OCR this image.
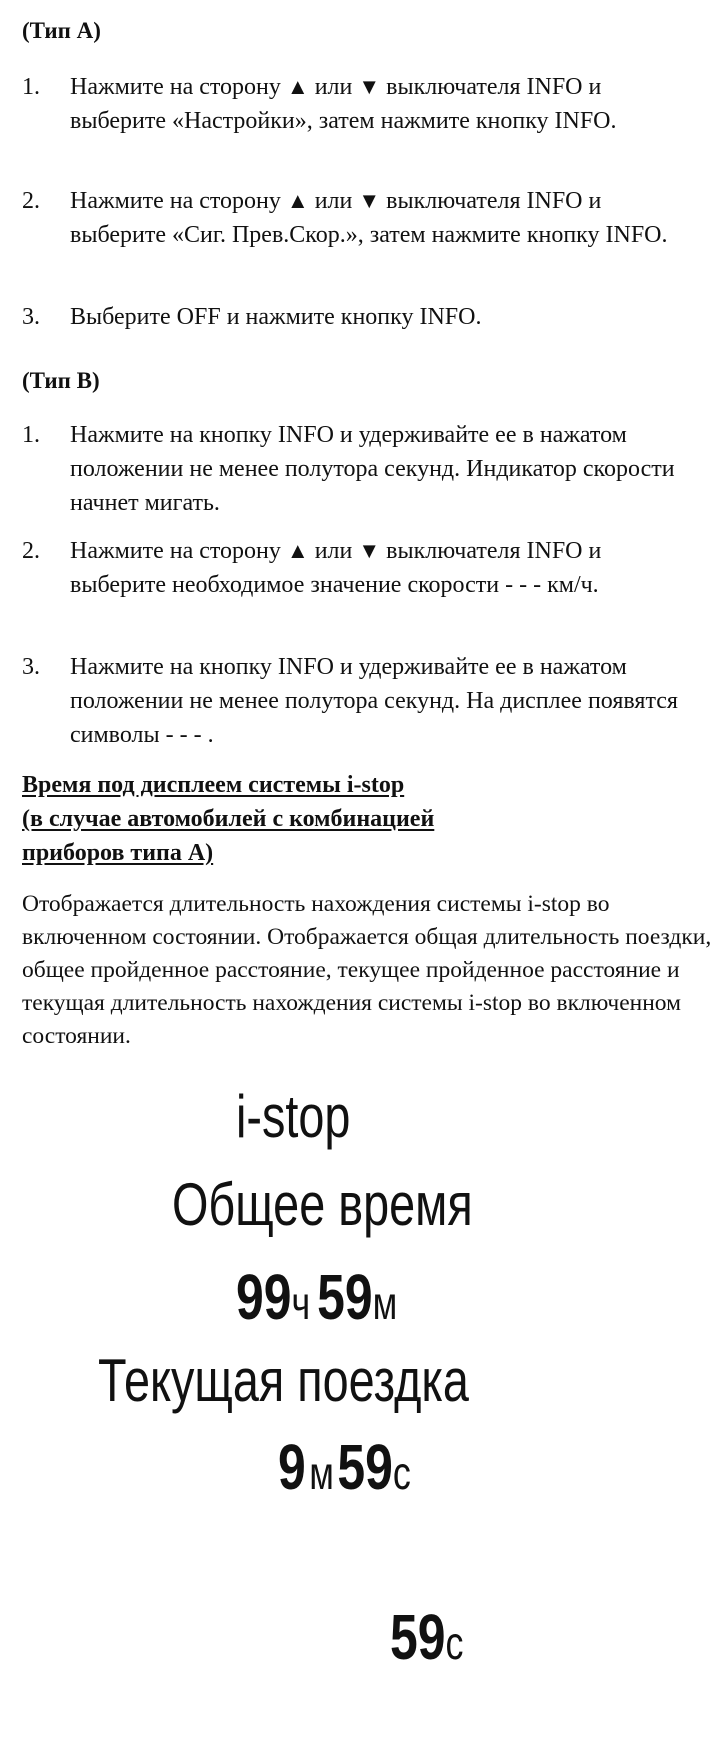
(Тип A)
1.	Нажмите на сторону ▲ или ▼ выключателя INFO и выберите «Настройки», затем нажмите кнопку INFO.
2.	Нажмите на сторону ▲ или ▼ выключателя INFO и выберите «Сиг. Прев.Скор.», затем нажмите кнопку INFO.
3.	Выберите OFF и нажмите кнопку INFO.
(Тип B)
1.	Нажмите на кнопку INFO и удерживайте ее в нажатом положении не менее полутора секунд. Индикатор скорости начнет мигать.
2.	Нажмите на сторону ▲ или ▼ выключателя INFO и выберите необходимое значение скорости - - - км/ч.
3.	Нажмите на кнопку INFO и удерживайте ее в нажатом положении не менее полутора секунд. На дисплее появятся символы - - - .
Время под дисплеем системы i-stop
(в случае автомобилей с комбинацией
приборов типа A)
Отображается длительность нахождения системы i-stop во включенном состоянии. Отображается общая длительность поездки, общее пройденное расстояние, текущее пройденное расстояние и текущая длительность нахождения системы i-stop во включенном состоянии.
i-stop
Общее время
99ч 59м
Текущая поездка
9 м 59с
59с
